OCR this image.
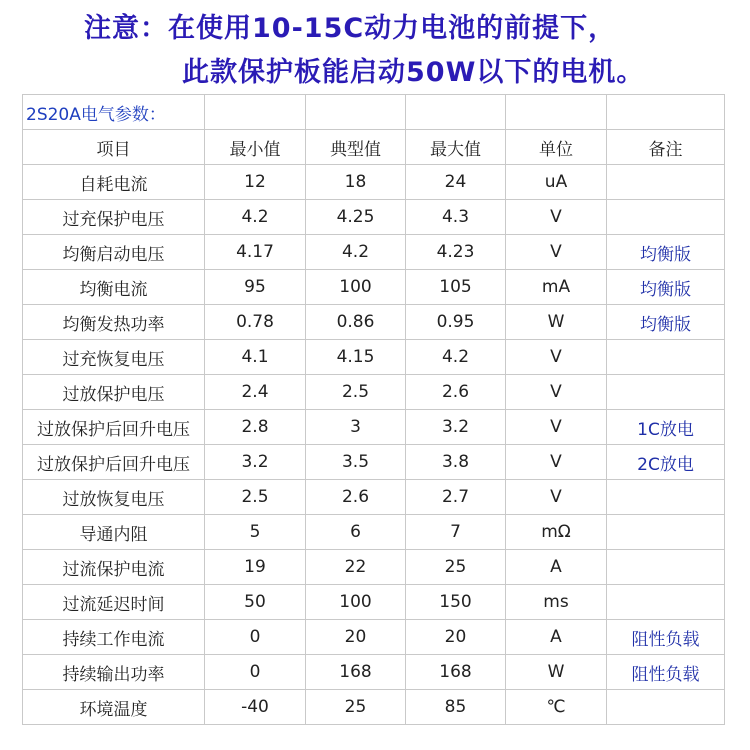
注意：在使用10-15C动力电池的前提下，
此款保护板能启动50W以下的电机。
2S20A电气参数：					
项目	最小值	典型值	最大值	单位	备注
自耗电流	12	18	24	uA	
过充保护电压	4.2	4.25	4.3	V	
均衡启动电压	4.17	4.2	4.23	V	均衡版
均衡电流	95	100	105	mA	均衡版
均衡发热功率	0.78	0.86	0.95	W	均衡版
过充恢复电压	4.1	4.15	4.2	V	
过放保护电压	2.4	2.5	2.6	V	
过放保护后回升电压	2.8	3	3.2	V	1C放电
过放保护后回升电压	3.2	3.5	3.8	V	2C放电
过放恢复电压	2.5	2.6	2.7	V	
导通内阻	5	6	7	mΩ	
过流保护电流	19	22	25	A	
过流延迟时间	50	100	150	ms	
持续工作电流	0	20	20	A	阻性负载
持续输出功率	0	168	168	W	阻性负载
环境温度	-40	25	85	℃	
